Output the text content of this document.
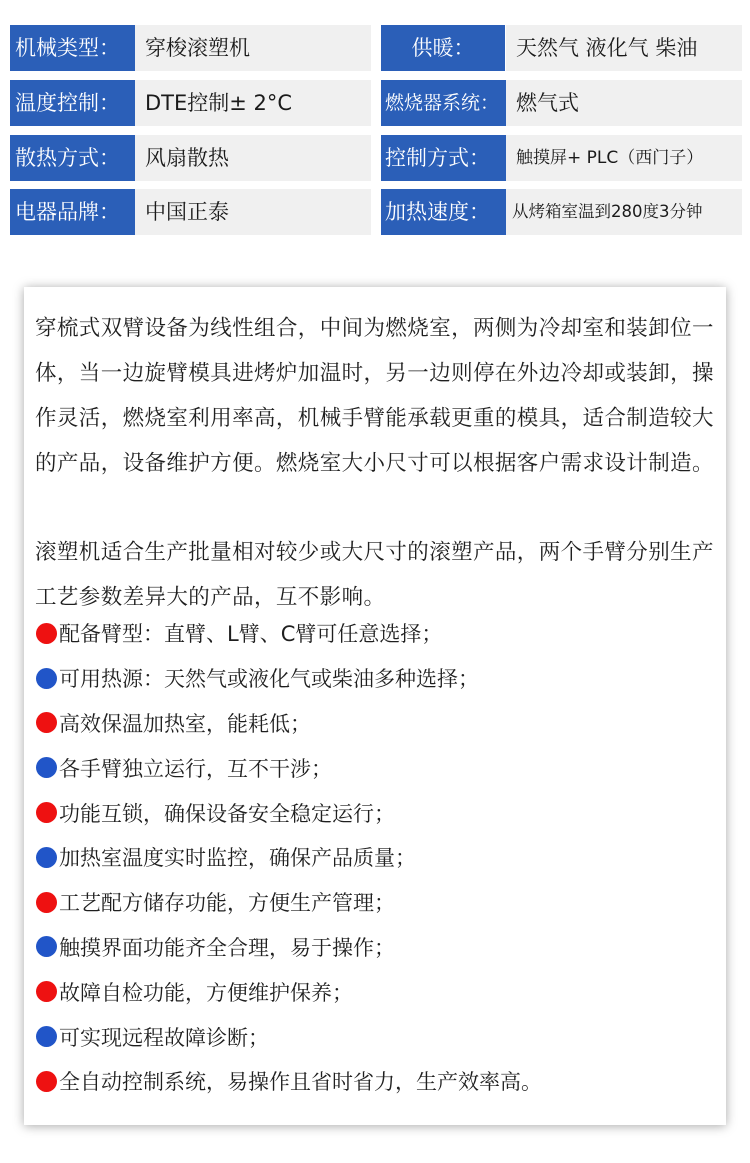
机械类型：	穿梭滚塑机	供暖：	天然气 液化气 柴油
温度控制：	DTE控制± 2°C	燃烧器系统： 燃气式
散热方式：	风扇散热	控制方式：	触摸屏+ PLC（西门子）
电器品牌：	中国正泰	加热速度：	从烤箱室温到280度3分钟

穿梳式双臂设备为线性组合，中间为燃烧室，两侧为冷却室和装卸位一体，当一边旋臂模具进烤炉加温时，另一边则停在外边冷却或装卸，操作灵活，燃烧室利用率高，机械手臂能承载更重的模具，适合制造较大的产品，设备维护方便。燃烧室大小尺寸可以根据客户需求设计制造。

滚塑机适合生产批量相对较少或大尺寸的滚塑产品，两个手臂分别生产工艺参数差异大的产品，互不影响。

配备臂型：直臂、L臂、C臂可任意选择；
可用热源：天然气或液化气或柴油多种选择；
高效保温加热室，能耗低；
各手臂独立运行，互不干涉；
功能互锁，确保设备安全稳定运行；
加热室温度实时监控，确保产品质量；
工艺配方储存功能，方便生产管理；
触摸界面功能齐全合理，易于操作；
故障自检功能，方便维护保养；
可实现远程故障诊断；
全自动控制系统，易操作且省时省力，生产效率高。
